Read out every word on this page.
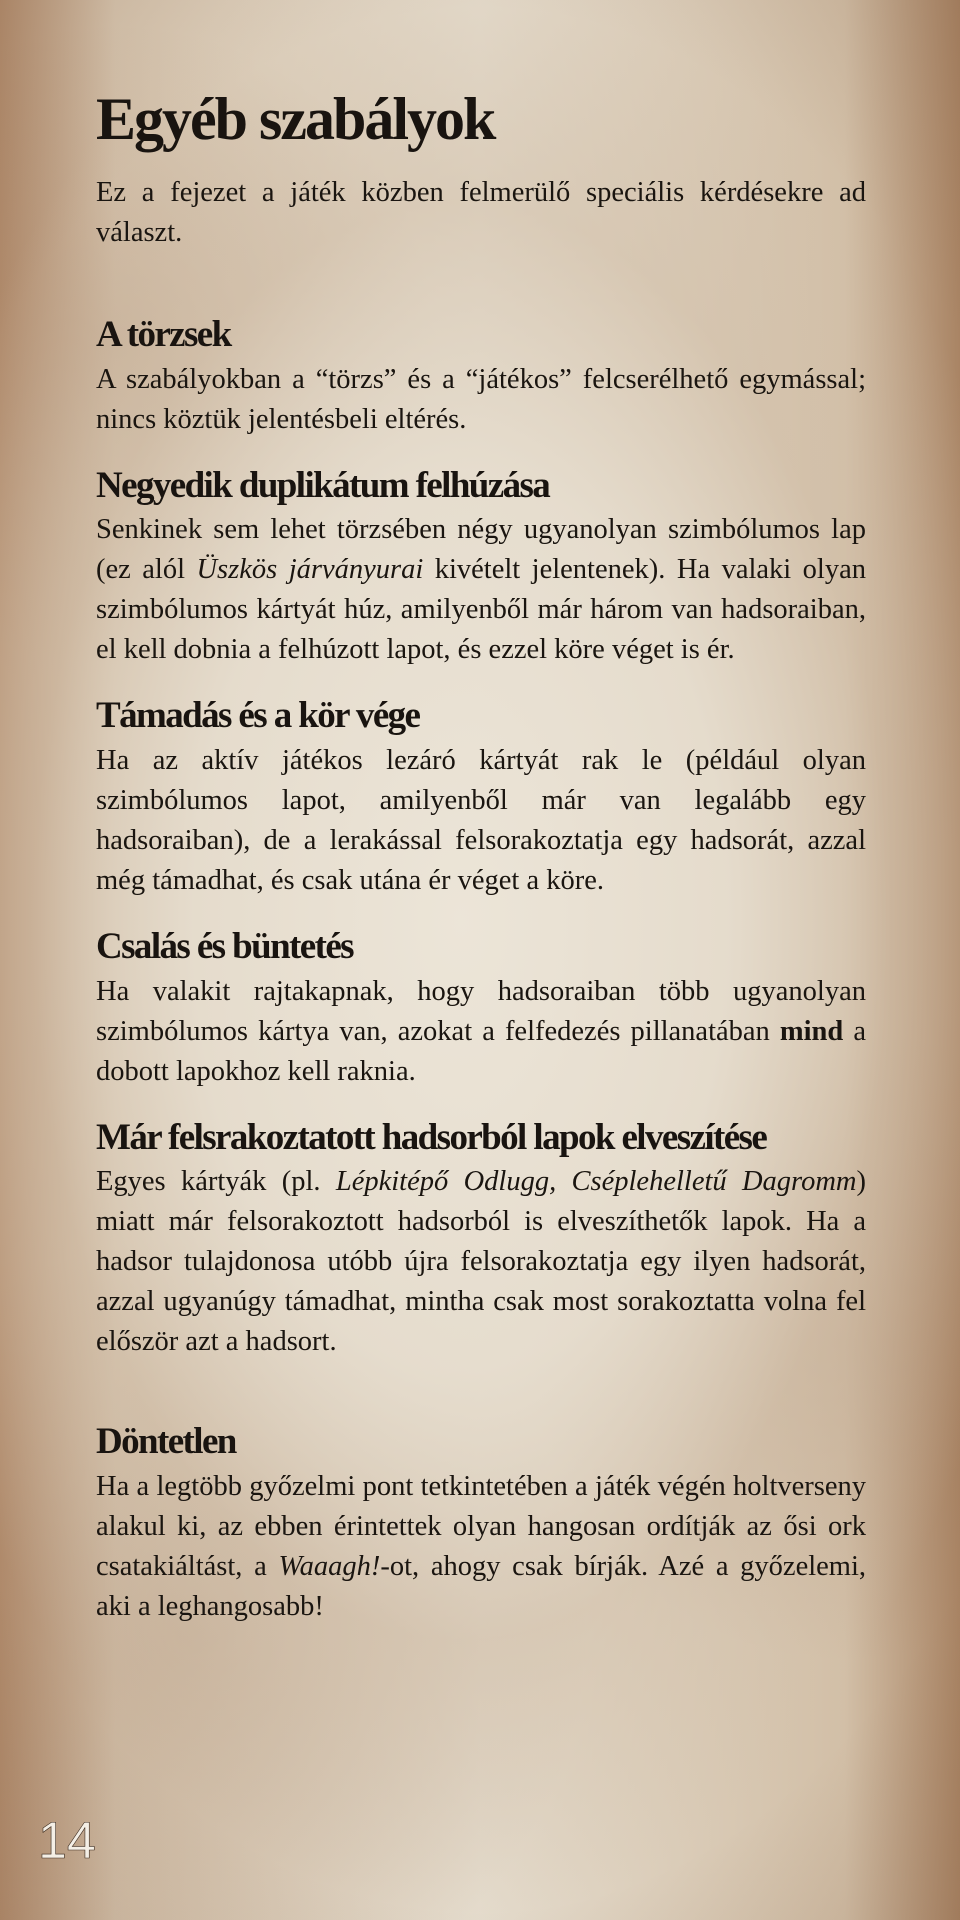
Egyéb szabályok

Ez a fejezet a játék közben felmerülő speciális kérdésekre ad választ.

A törzsek

A szabályokban a “törzs” és a “játékos” felcserélhető egymással; nincs köztük jelentésbeli eltérés.

Negyedik duplikátum felhúzása

Senkinek sem lehet törzsében négy ugyanolyan szimbólumos lap (ez alól Üszkös járványurai kivételt jelentenek). Ha valaki olyan szimbólumos kártyát húz, amilyenből már három van hadsoraiban, el kell dobnia a felhúzott lapot, és ezzel köre véget is ér.

Támadás és a kör vége

Ha az aktív játékos lezáró kártyát rak le (például olyan szimbólumos lapot, amilyenből már van legalább egy hadsoraiban), de a lerakással felsorakoztatja egy hadsorát, azzal még támadhat, és csak utána ér véget a köre.

Csalás és büntetés

Ha valakit rajtakapnak, hogy hadsoraiban több ugyanolyan szimbólumos kártya van, azokat a felfedezés pillanatában mind a dobott lapokhoz kell raknia.

Már felsrakoztatott hadsorból lapok elveszítése

Egyes kártyák (pl. Lépkitépő Odlugg, Cséplehelletű Dagromm) miatt már felsorakoztott hadsorból is elveszíthetők lapok. Ha a hadsor tulajdonosa utóbb újra felsorakoztatja egy ilyen hadsorát, azzal ugyanúgy támadhat, minthа csak most sorakoztatta volna fel először azt a hadsort.

Döntetlen

Ha a legtöbb győzelmi pont tetkintetében a játék végén holtverseny alakul ki, az ebben érintettek olyan hangosan ordítják az ősi ork csatakiáltást, a Waaagh!-ot, ahogy csak bírják. Azé a győzelemi, aki a leghangosabb!

14
